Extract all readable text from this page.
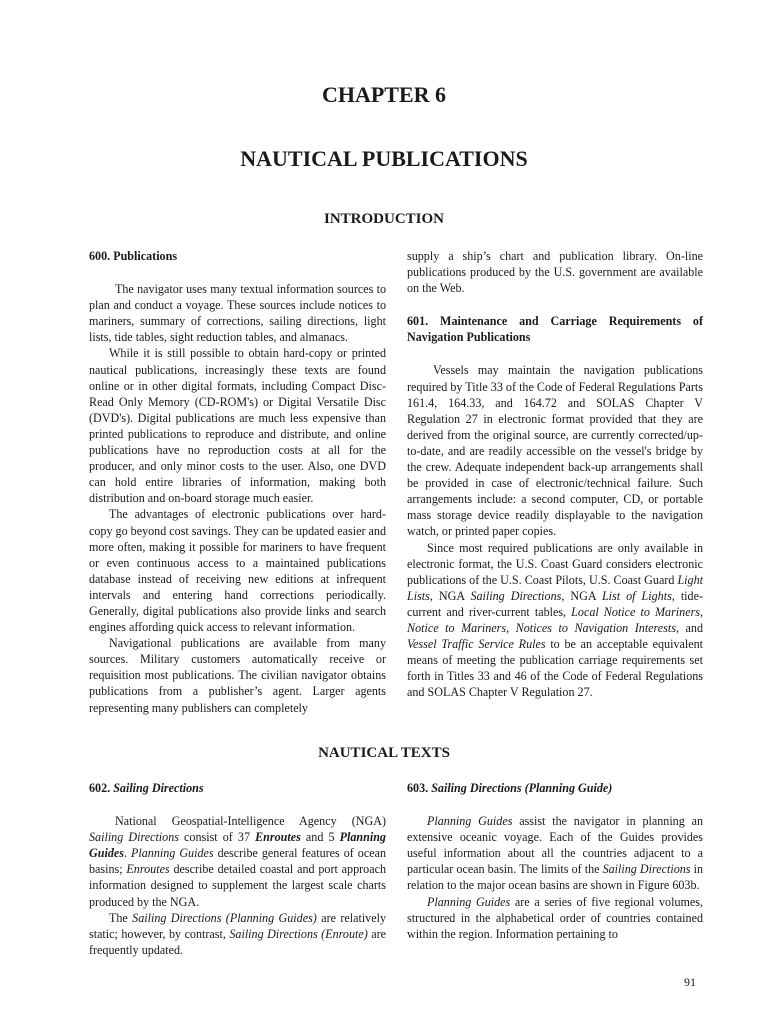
CHAPTER 6
NAUTICAL PUBLICATIONS
INTRODUCTION

600. Publications

The navigator uses many textual information sources to plan and conduct a voyage. These sources include notices to mariners, summary of corrections, sailing directions, light lists, tide tables, sight reduction tables, and almanacs.

While it is still possible to obtain hard-copy or printed nautical publications, increasingly these texts are found online or in other digital formats, including Compact Disc-Read Only Memory (CD-ROM's) or Digital Versatile Disc (DVD's). Digital publications are much less expensive than printed publications to reproduce and distribute, and online publications have no reproduction costs at all for the producer, and only minor costs to the user. Also, one DVD can hold entire libraries of information, making both distribution and on-board storage much easier.

The advantages of electronic publications over hard-copy go beyond cost savings. They can be updated easier and more often, making it possible for mariners to have frequent or even continuous access to a maintained publications database instead of receiving new editions at infrequent intervals and entering hand corrections periodically. Generally, digital publications also provide links and search engines affording quick access to relevant information.

Navigational publications are available from many sources. Military customers automatically receive or requisition most publications. The civilian navigator obtains publications from a publisher’s agent. Larger agents representing many publishers can completely

supply a ship’s chart and publication library. On-line publications produced by the U.S. government are available on the Web.

601. Maintenance and Carriage Requirements of Navigation Publications

Vessels may maintain the navigation publications required by Title 33 of the Code of Federal Regulations Parts 161.4, 164.33, and 164.72 and SOLAS Chapter V Regulation 27 in electronic format provided that they are derived from the original source, are currently corrected/up-to-date, and are readily accessible on the vessel's bridge by the crew. Adequate independent back-up arrangements shall be provided in case of electronic/technical failure. Such arrangements include: a second computer, CD, or portable mass storage device readily displayable to the navigation watch, or printed paper copies.

Since most required publications are only available in electronic format, the U.S. Coast Guard considers electronic publications of the U.S. Coast Pilots, U.S. Coast Guard Light Lists, NGA Sailing Directions, NGA List of Lights, tide-current and river-current tables, Local Notice to Mariners, Notice to Mariners, Notices to Navigation Interests, and Vessel Traffic Service Rules to be an acceptable equivalent means of meeting the publication carriage requirements set forth in Titles 33 and 46 of the Code of Federal Regulations and SOLAS Chapter V Regulation 27.

NAUTICAL TEXTS

602. Sailing Directions

National Geospatial-Intelligence Agency (NGA) Sailing Directions consist of 37 Enroutes and 5 Planning Guides. Planning Guides describe general features of ocean basins; Enroutes describe detailed coastal and port approach information designed to supplement the largest scale charts produced by the NGA.

The Sailing Directions (Planning Guides) are relatively static; however, by contrast, Sailing Directions (Enroute) are frequently updated.

603. Sailing Directions (Planning Guide)

Planning Guides assist the navigator in planning an extensive oceanic voyage. Each of the Guides provides useful information about all the countries adjacent to a particular ocean basin. The limits of the Sailing Directions in relation to the major ocean basins are shown in Figure 603b.

Planning Guides are a series of five regional volumes, structured in the alphabetical order of countries contained within the region. Information pertaining to

91
